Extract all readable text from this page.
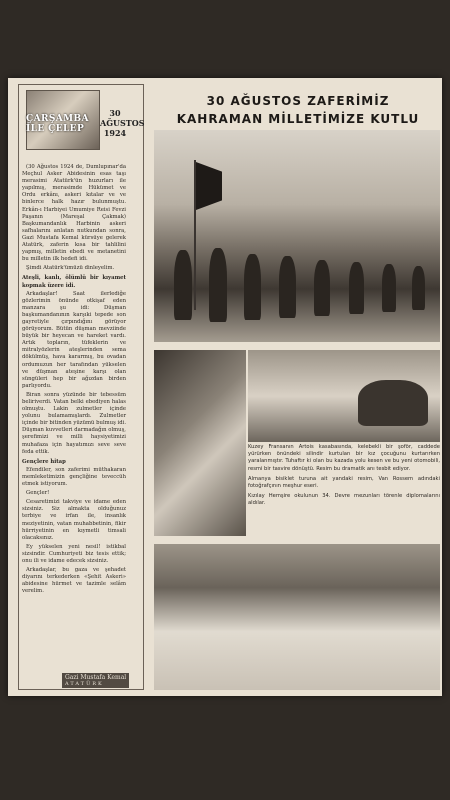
ÇARŞAMBA İLE ÇELEP
30
AĞUSTOS
1924

(30 Ağustos 1924 de, Dumlupınar'da Meçhul Asker Abidesinin esas taşı merasimi Atatürk'ün huzurları ile yapılmış, merasimde Hükümet ve Ordu erkânı, askeri kıtalar ve ve binlerce halk hazır bulunmuştu. Erkân-ı Harbiyei Umumiye Reisi Fevzi Paşanın (Mareşal Çakmak) Başkumandanlık Harbinin askeri safhalarını anlatan nutkundan sonra, Gazi Mustafa Kemal kürsüye gelerek Atatürk, zaferin kısa bir tahlilini yapmış, milletin ebedi ve metanetini bu milletin ilk hedefi idi.

Şimdi Atatürk'ümüzü dinleyelim.

Ateşli, kanlı, ölümlü bir kıyamet kopmak üzere idi.

Arkadaşlar! Saat ilerlediğe gözlerimin önünde otkişaf eden manzara şu idi: Düşman başkumandanının karşıki tepede son gayretiyle çırpındığını görüyor görüyorum. Bütün düşman mevziinde büyük bir heyecan ve hareket vardı. Artık topların, tüfeklerin ve mitralyözlerin ateşlerinden sema dökülmüş, hava kararmış, bu ovadan ordumuzun her tarafından yükselen ve düşman ateşine karşı olan süngüleri hep bir ağızdan birden parlıyordu.

Biran sonra yüzünde bir tebessüm beliriverdi. Vatan belki ebediyen halas olmuştu. Lakin zulmetler içinde yolunu bulamamışlardı. Zulmetler içinde bir bitinden yüzümü bulmuş idi. Düşman kuvvetleri darmadağın olmuş, şerefimizi ve milli haysiyetimizi muhafaza için hayatımızı seve seve feda ettik.

Gençlere hitap

Efendiler, son zaferimi müthakaran memleketimizin gençliğine teveccüh etmek istiyorum.

Gençler!

Cesaretimizi takviye ve idame eden sizsiniz. Siz almakta olduğunuz terbiye ve irfan ile, insanlık meziyetinin, vatan muhabbetinin, fikir hürriyetinin en kıymetli timsali olacaksınız.

Ey yükselen yeni nesil! istikbal sizsindir. Cumhuriyeti biz tesis ettik; onu ili ve idame edecek sizsiniz.

Arkadaşlar, bu gaza ve şehadet diyarını terkederken «Şehit Askeri» abidesine hürmet ve tazimle selâm verelim.

Gazi Mustafa Kemal
ATATÜRK
30 AĞUSTOS ZAFERİMİZ
KAHRAMAN MİLLETİMİZE KUTLU

Kuzey Fransanın Artois kasabasında, kelebekli bir şoför, caddede yürürken önündeki silindir kurtulan bir kız çocuğunu kurtarırken yaralanmıştır. Tuhaftır ki olan bu kazada yolu kesen ve bu yeni otomobili, resmi bir tasvire dönüştü. Resim bu dramatik anı tesbit ediyor.

Almanya bisiklet turuna ait yandaki resim, Van Rossem adındaki fotoğrafçının meşhur eseri.

Kızılay Hemşire okulunun 34. Devre mezunları törenle diplomalarını aldılar.
